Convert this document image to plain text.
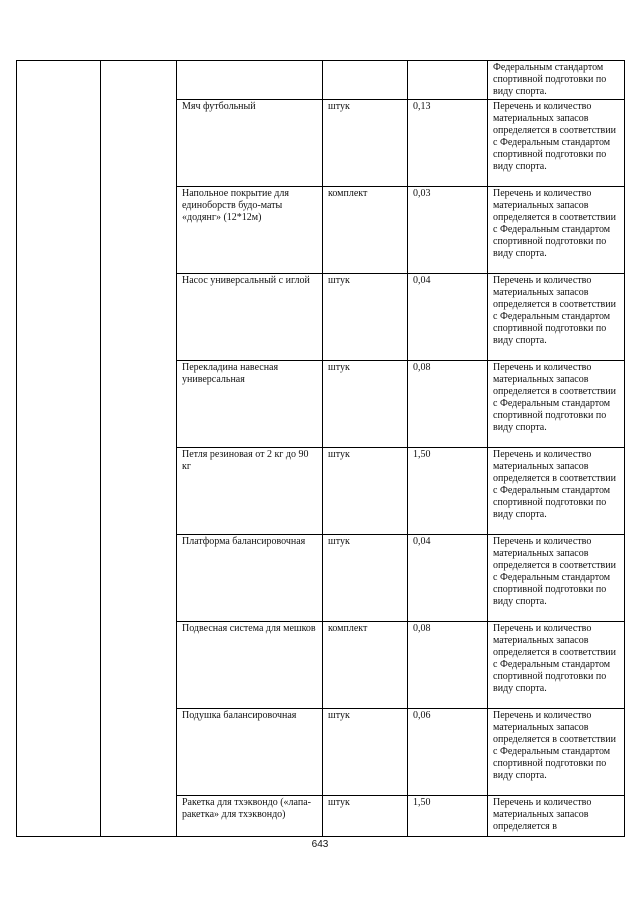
					Федеральным стандартом спортивной подготовки по виду спорта.
		Мяч футбольный	штук	0,13	Перечень и количество материальных запасов определяется в соответствии с Федеральным стандартом спортивной подготовки по виду спорта.
		Напольное покрытие для единоборств будо-маты «додянг» (12*12м)	комплект	0,03	Перечень и количество материальных запасов определяется в соответствии с Федеральным стандартом спортивной подготовки по виду спорта.
		Насос универсальный с иглой	штук	0,04	Перечень и количество материальных запасов определяется в соответствии с Федеральным стандартом спортивной подготовки по виду спорта.
		Перекладина навесная универсальная	штук	0,08	Перечень и количество материальных запасов определяется в соответствии с Федеральным стандартом спортивной подготовки по виду спорта.
		Петля резиновая от 2 кг до 90 кг	штук	1,50	Перечень и количество материальных запасов определяется в соответствии с Федеральным стандартом спортивной подготовки по виду спорта.
		Платформа балансировочная	штук	0,04	Перечень и количество материальных запасов определяется в соответствии с Федеральным стандартом спортивной подготовки по виду спорта.
		Подвесная система для мешков	комплект	0,08	Перечень и количество материальных запасов определяется в соответствии с Федеральным стандартом спортивной подготовки по виду спорта.
		Подушка балансировочная	штук	0,06	Перечень и количество материальных запасов определяется в соответствии с Федеральным стандартом спортивной подготовки по виду спорта.
		Ракетка для тхэквондо («лапа-ракетка» для тхэквондо)	штук	1,50	Перечень и количество материальных запасов определяется в
643
